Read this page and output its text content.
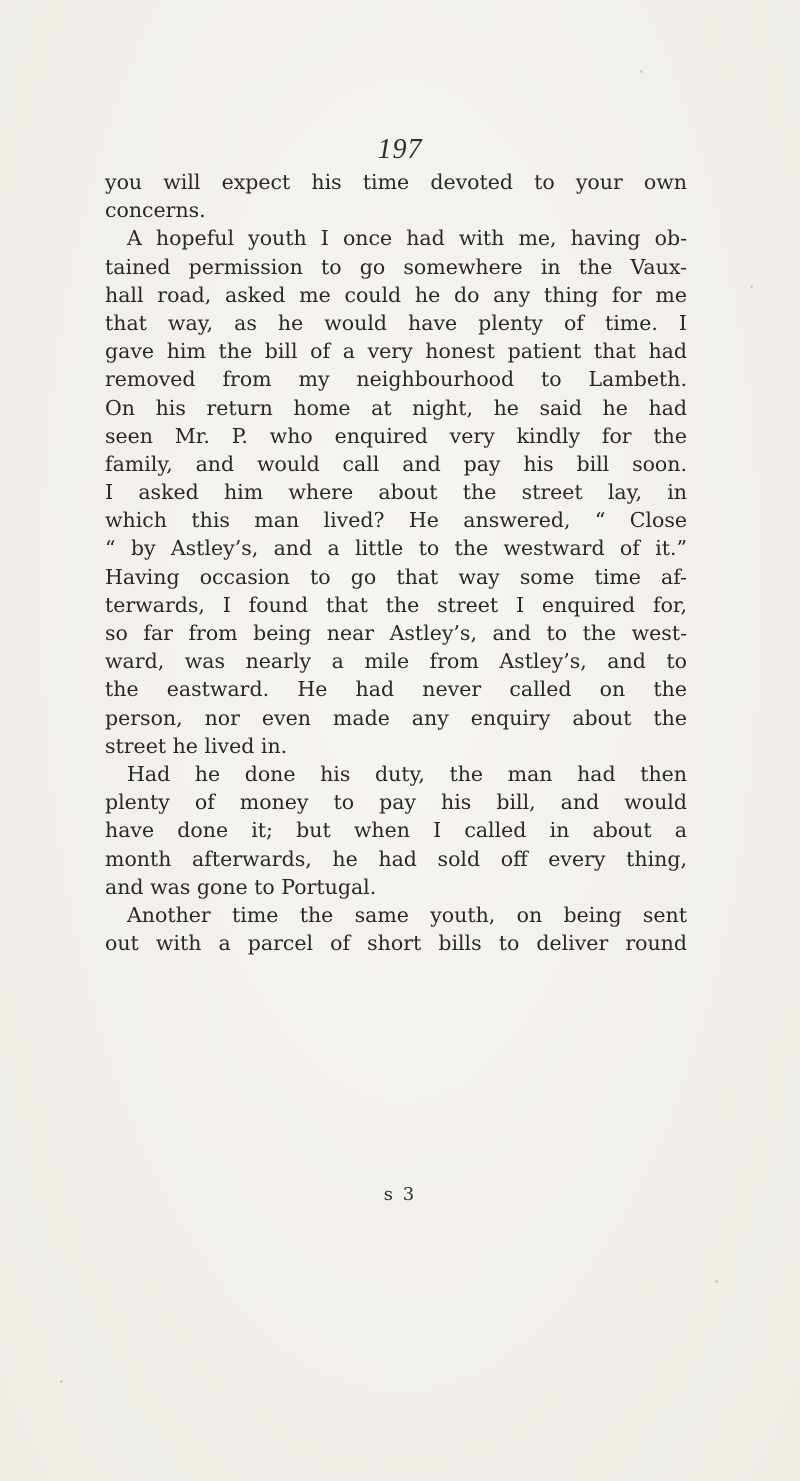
197
you will expect his time devoted to your own
concerns.
A hopeful youth I once had with me, having ob-
tained permission to go somewhere in the Vaux-
hall road, asked me could he do any thing for me
that way, as he would have plenty of time. I
gave him the bill of a very honest patient that had
removed from my neighbourhood to Lambeth.
On his return home at night, he said he had
seen Mr. P. who enquired very kindly for the
family, and would call and pay his bill soon.
I asked him where about the street lay, in
which this man lived? He answered, “ Close
“ by Astley’s, and a little to the westward of it.”
Having occasion to go that way some time af-
terwards, I found that the street I enquired for,
so far from being near Astley’s, and to the west-
ward, was nearly a mile from Astley’s, and to
the eastward. He had never called on the
person, nor even made any enquiry about the
street he lived in.
Had he done his duty, the man had then
plenty of money to pay his bill, and would
have done it; but when I called in about a
month afterwards, he had sold off every thing,
and was gone to Portugal.
Another time the same youth, on being sent
out with a parcel of short bills to deliver round
s 3
